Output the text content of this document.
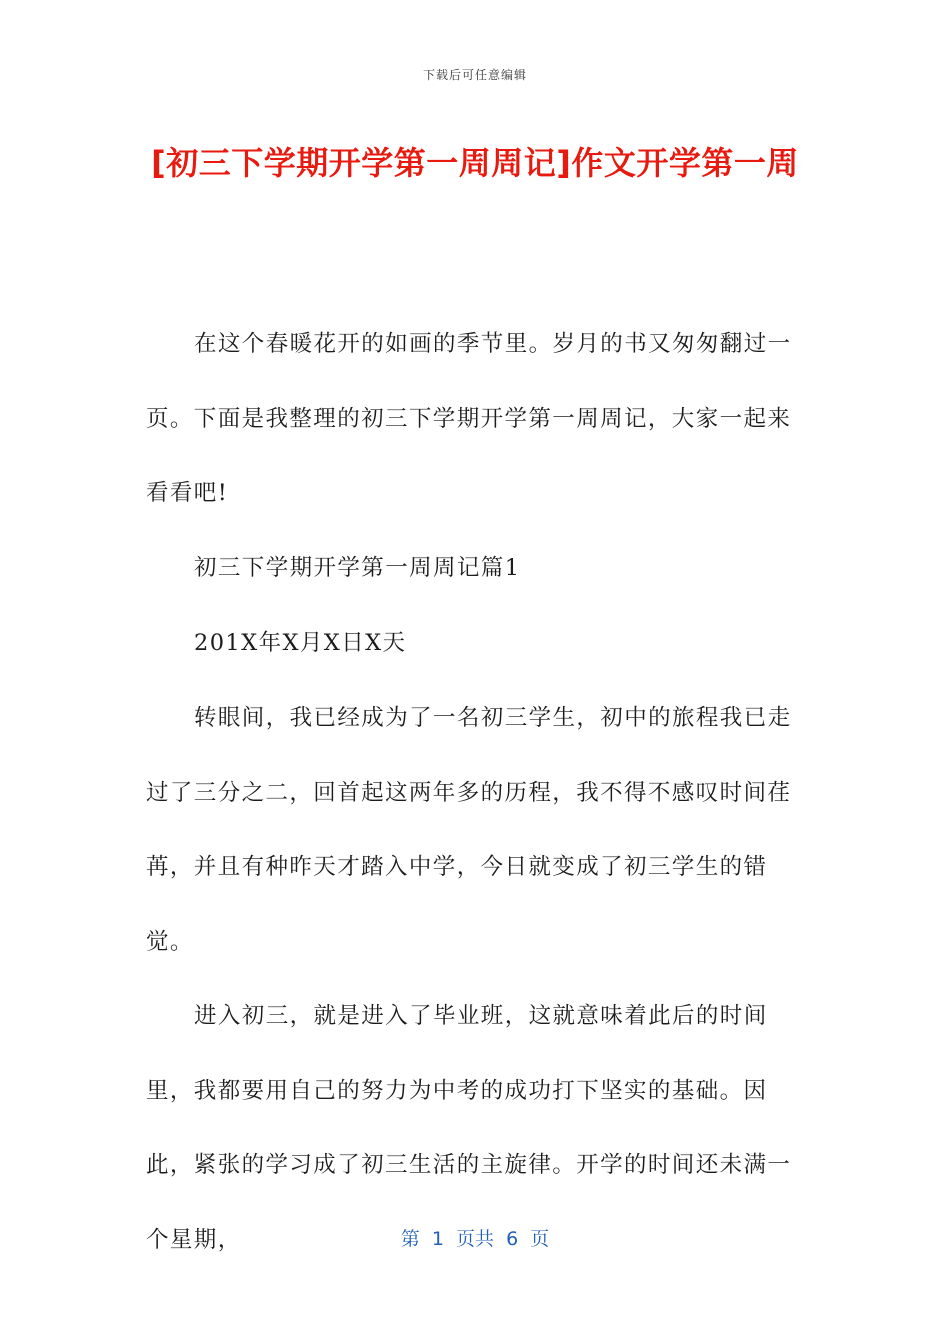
下载后可任意编辑
[初三下学期开学第一周周记]作文开学第一周

在这个春暖花开的如画的季节里。岁月的书又匆匆翻过一页。下面是我整理的初三下学期开学第一周周记，大家一起来看看吧!

初三下学期开学第一周周记篇1

201X年X月X日X天

转眼间，我已经成为了一名初三学生，初中的旅程我已走过了三分之二，回首起这两年多的历程，我不得不感叹时间荏苒，并且有种昨天才踏入中学，今日就变成了初三学生的错觉。

进入初三，就是进入了毕业班，这就意味着此后的时间里，我都要用自己的努力为中考的成功打下坚实的基础。因此，紧张的学习成了初三生活的主旋律。开学的时间还未满一个星期，	第  1  页共  6  页
